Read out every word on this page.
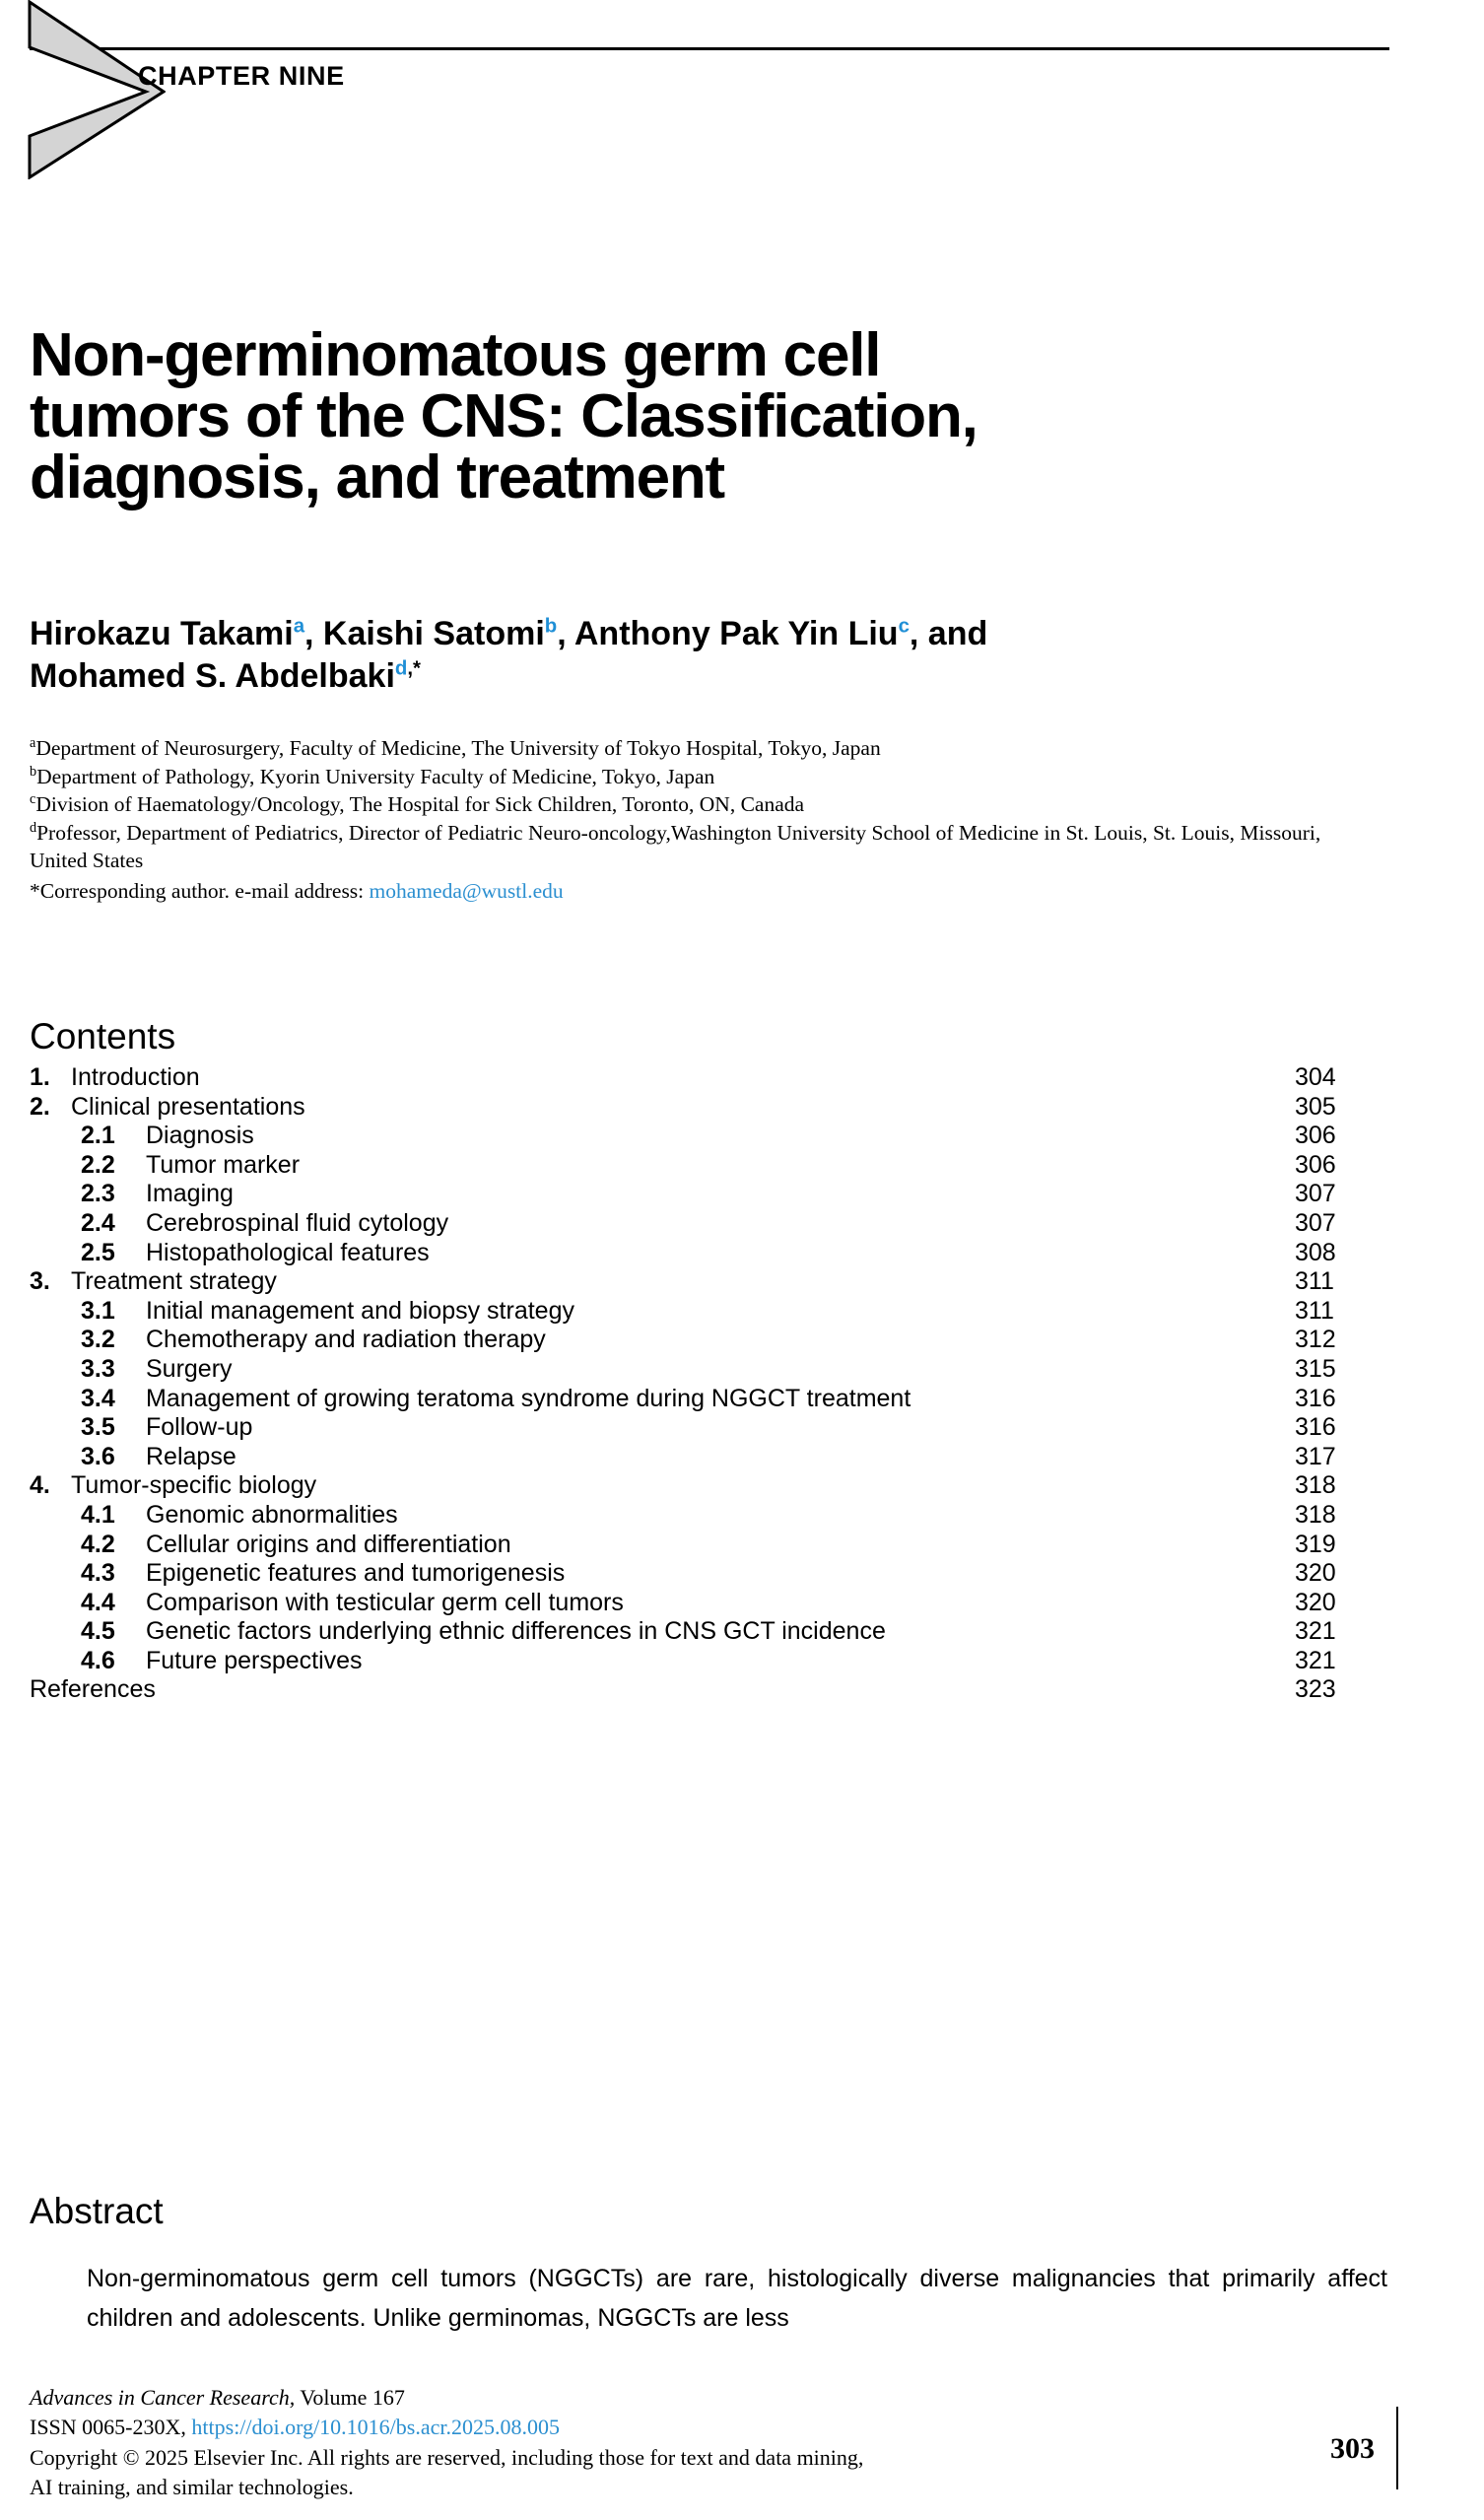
CHAPTER NINE
Non-germinomatous germ cell
tumors of the CNS: Classification,
diagnosis, and treatment
Hirokazu Takami$^a$, Kaishi Satomi$^b$, Anthony Pak Yin Liu$^c$, and
Mohamed S. Abdelbaki$^{d,*}$
$^a$Department of Neurosurgery, Faculty of Medicine, The University of Tokyo Hospital, Tokyo, Japan
$^b$Department of Pathology, Kyorin University Faculty of Medicine, Tokyo, Japan
$^c$Division of Haematology/Oncology, The Hospital for Sick Children, Toronto, ON, Canada
$^d$Professor, Department of Pediatrics, Director of Pediatric Neuro-oncology,Washington University School of Medicine in St. Louis, St. Louis, Missouri, United States
*Corresponding author. e-mail address: mohameda@wustl.edu
Contents
1. Introduction	304
2. Clinical presentations	305
2.1	Diagnosis	306
2.2	Tumor marker	306
2.3	Imaging	307
2.4	Cerebrospinal fluid cytology	307
2.5	Histopathological features	308
3. Treatment strategy	311
3.1	Initial management and biopsy strategy	311
3.2	Chemotherapy and radiation therapy	312
3.3	Surgery	315
3.4	Management of growing teratoma syndrome during NGGCT treatment	316
3.5	Follow-up	316
3.6	Relapse	317
4. Tumor-specific biology	318
4.1	Genomic abnormalities	318
4.2	Cellular origins and differentiation	319
4.3	Epigenetic features and tumorigenesis	320
4.4	Comparison with testicular germ cell tumors	320
4.5	Genetic factors underlying ethnic differences in CNS GCT incidence	321
4.6	Future perspectives	321
References	323
Abstract

Non-germinomatous germ cell tumors (NGGCTs) are rare, histologically diverse malignancies that primarily affect children and adolescents. Unlike germinomas, NGGCTs are less

Advances in Cancer Research, Volume 167
ISSN 0065-230X, https://doi.org/10.1016/bs.acr.2025.08.005
Copyright © 2025 Elsevier Inc. All rights are reserved, including those for text and data mining,
AI training, and similar technologies.
303
